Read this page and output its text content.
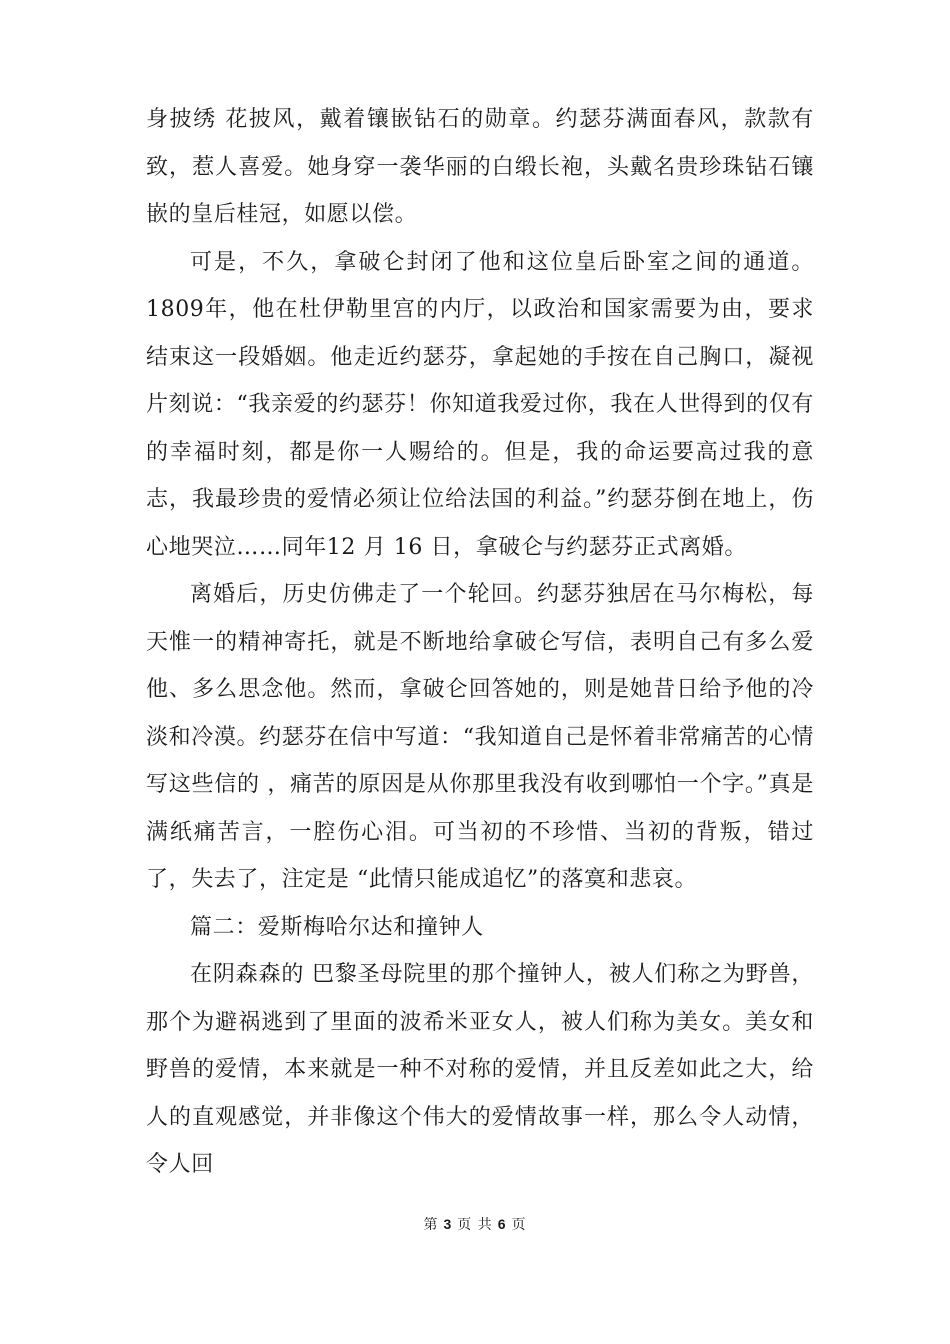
身披绣 花披风，戴着镶嵌钻石的勋章。约瑟芬满面春风，款款有致，惹人喜爱。她身穿一袭华丽的白缎长袍，头戴名贵珍珠钻石镶嵌的皇后桂冠，如愿以偿。

可是，不久，拿破仑封闭了他和这位皇后卧室之间的通道。1809年，他在杜伊勒里宫的内厅，以政治和国家需要为由，要求结束这一段婚姻。他走近约瑟芬，拿起她的手按在自己胸口，凝视片刻说：“我亲爱的约瑟芬！你知道我爱过你，我在人世得到的仅有的幸福时刻，都是你一人赐给的。但是，我的命运要高过我的意志，我最珍贵的爱情必须让位给法国的利益。”约瑟芬倒在地上，伤心地哭泣……同年12 月 16 日，拿破仑与约瑟芬正式离婚。

离婚后，历史仿佛走了一个轮回。约瑟芬独居在马尔梅松，每天惟一的精神寄托，就是不断地给拿破仑写信，表明自己有多么爱他、多么思念他。然而，拿破仑回答她的，则是她昔日给予他的冷淡和冷漠。约瑟芬在信中写道：“我知道自己是怀着非常痛苦的心情写这些信的 ，痛苦的原因是从你那里我没有收到哪怕一个字。”真是满纸痛苦言，一腔伤心泪。可当初的不珍惜、当初的背叛，错过了，失去了，注定是 “此情只能成追忆”的落寞和悲哀。

篇二：爱斯梅哈尔达和撞钟人

在阴森森的 巴黎圣母院里的那个撞钟人，被人们称之为野兽，那个为避祸逃到了里面的波希米亚女人，被人们称为美女。美女和野兽的爱情，本来就是一种不对称的爱情，并且反差如此之大，给人的直观感觉，并非像这个伟大的爱情故事一样，那么令人动情，令人回

第 3 页 共 6 页
